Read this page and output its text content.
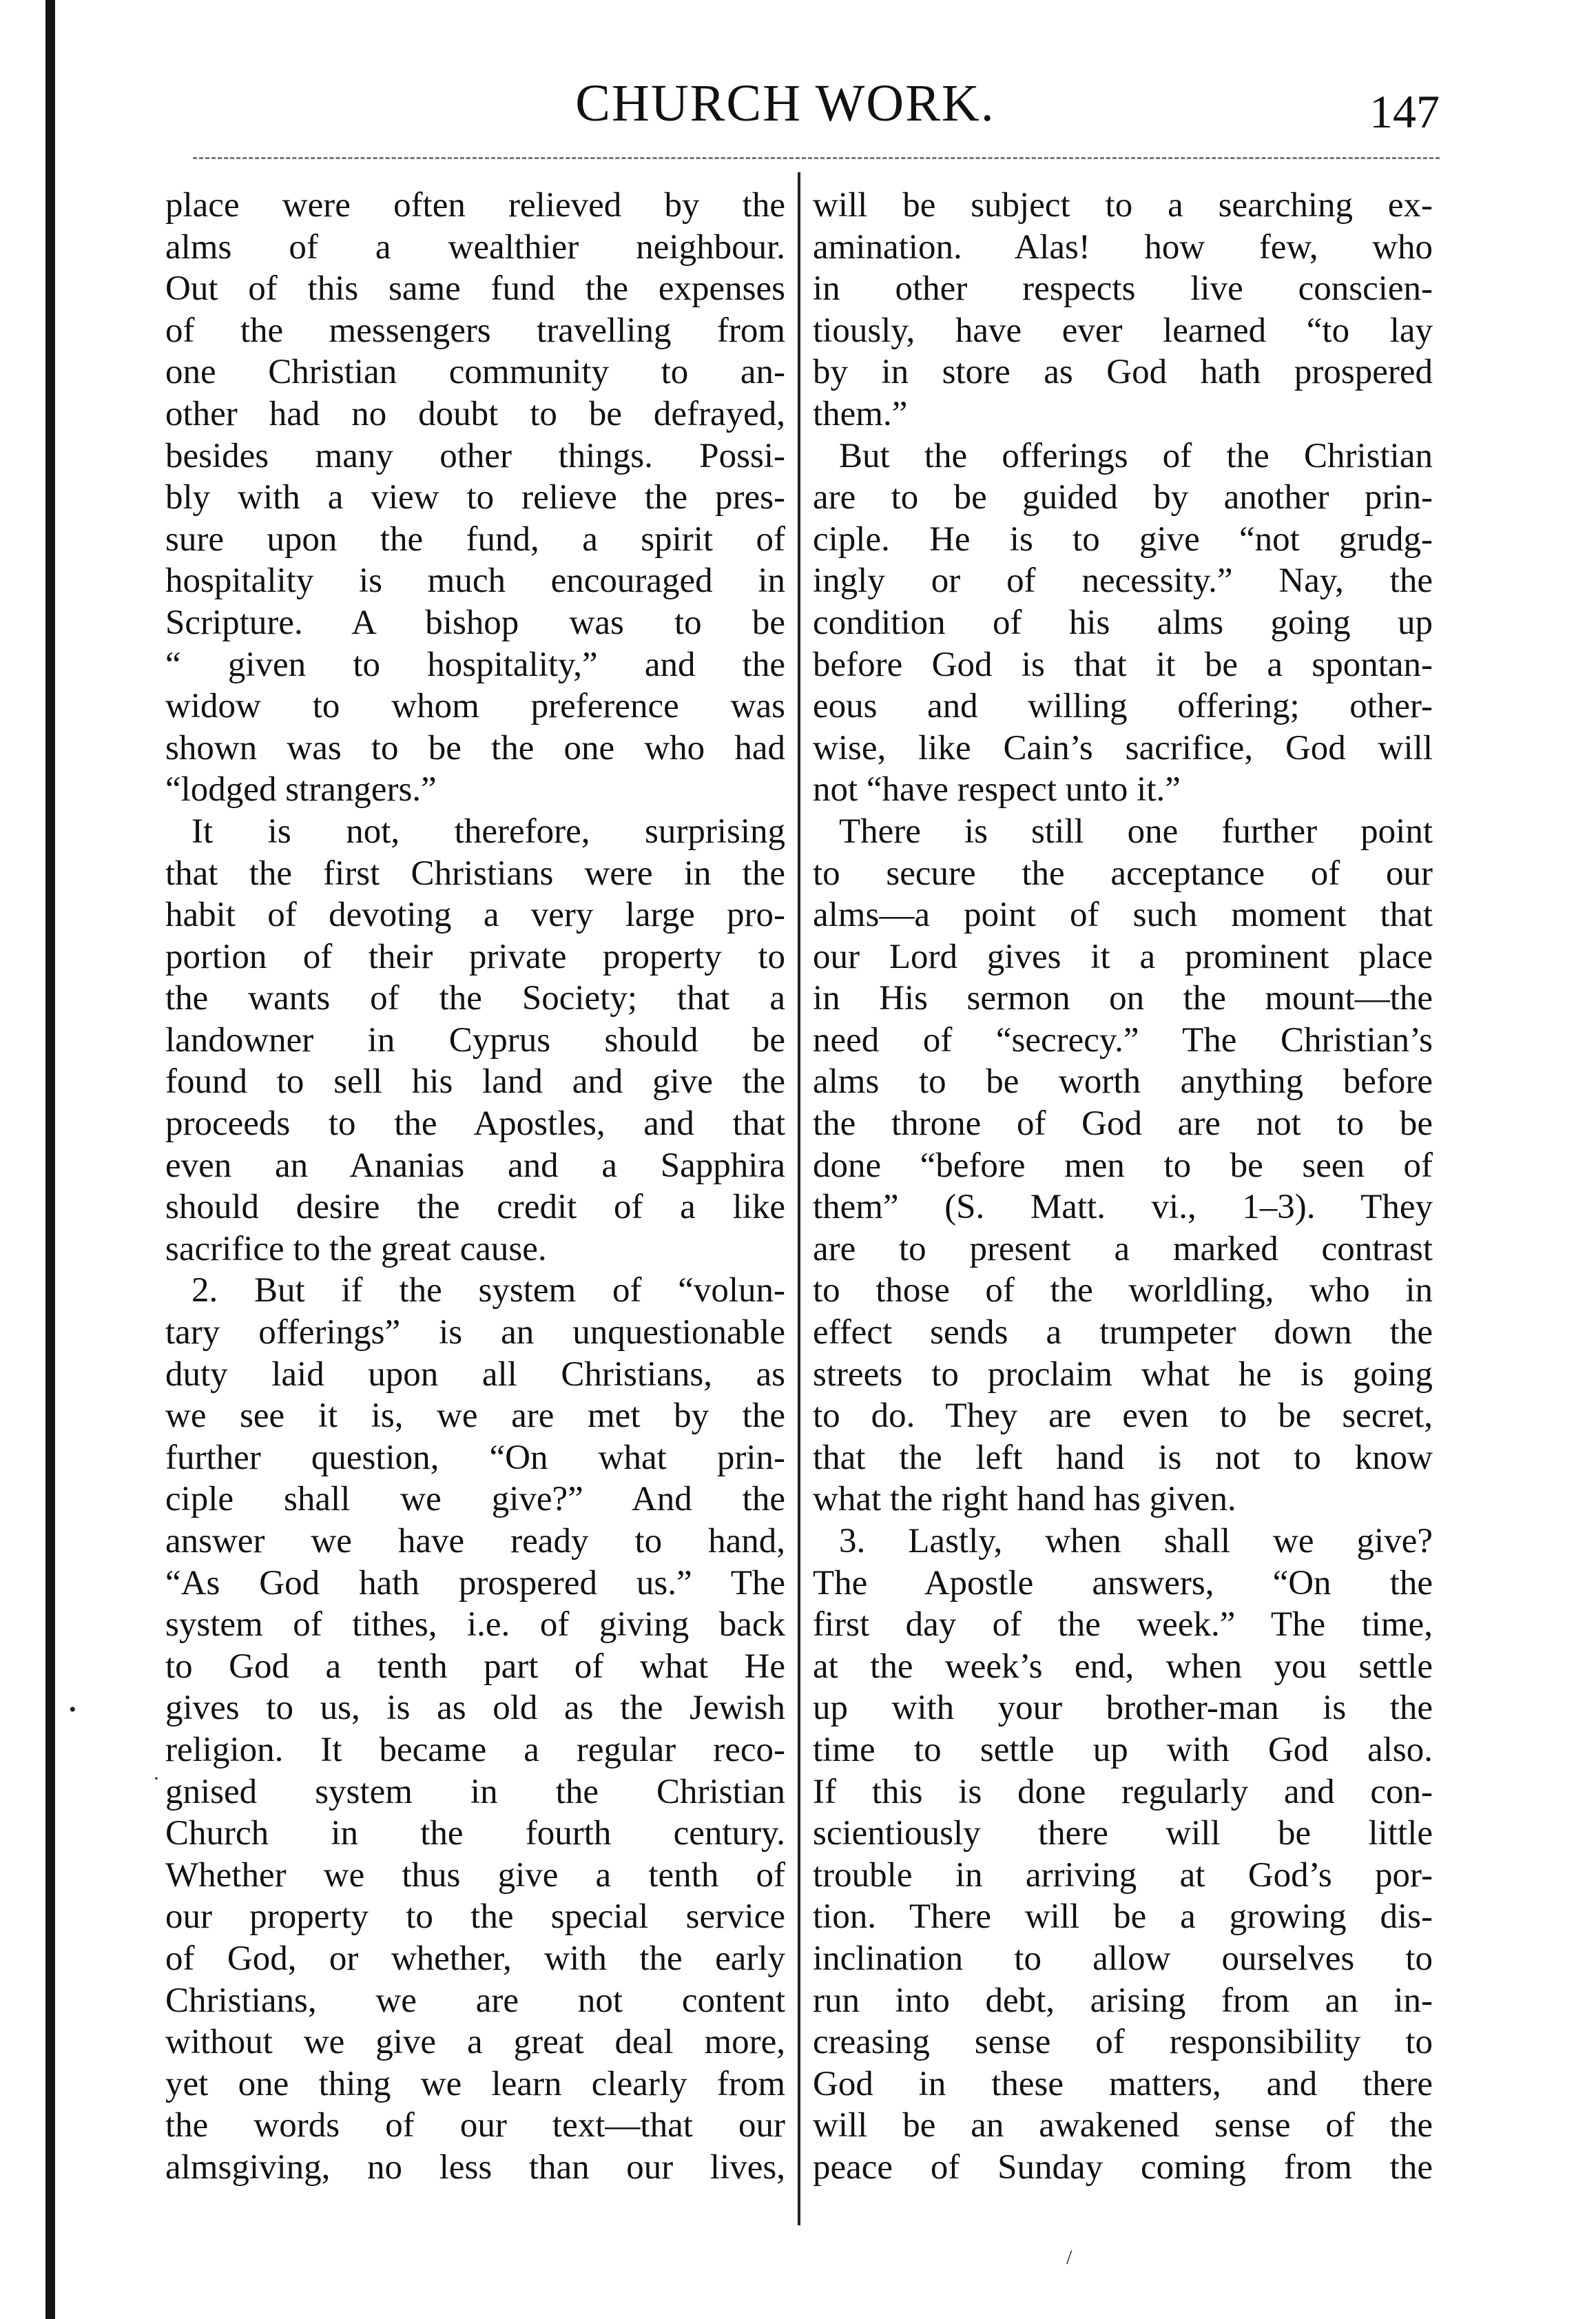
CHURCH WORK.	147
place were often relieved by the
alms of a wealthier neighbour.
Out of this same fund the expenses
of the messengers travelling from
one Christian community to an-
other had no doubt to be defrayed,
besides many other things. Possi-
bly with a view to relieve the pres-
sure upon the fund, a spirit of
hospitality is much encouraged in
Scripture. A bishop was to be
“ given to hospitality,” and the
widow to whom preference was
shown was to be the one who had
“lodged strangers.”
It is not, therefore, surprising
that the first Christians were in the
habit of devoting a very large pro-
portion of their private property to
the wants of the Society; that a
landowner in Cyprus should be
found to sell his land and give the
proceeds to the Apostles, and that
even an Ananias and a Sapphira
should desire the credit of a like
sacrifice to the great cause.
2. But if the system of “volun-
tary offerings” is an unquestionable
duty laid upon all Christians, as
we see it is, we are met by the
further question, “On what prin-
ciple shall we give?” And the
answer we have ready to hand,
“As God hath prospered us.” The
system of tithes, i.e. of giving back
to God a tenth part of what He
gives to us, is as old as the Jewish
religion. It became a regular reco-
gnised system in the Christian
Church in the fourth century.
Whether we thus give a tenth of
our property to the special service
of God, or whether, with the early
Christians, we are not content
without we give a great deal more,
yet one thing we learn clearly from
the words of our text—that our
almsgiving, no less than our lives,
will be subject to a searching ex-
amination. Alas! how few, who
in other respects live conscien-
tiously, have ever learned “to lay
by in store as God hath prospered
them.”
But the offerings of the Christian
are to be guided by another prin-
ciple. He is to give “not grudg-
ingly or of necessity.” Nay, the
condition of his alms going up
before God is that it be a spontan-
eous and willing offering; other-
wise, like Cain’s sacrifice, God will
not “have respect unto it.”
There is still one further point
to secure the acceptance of our
alms—a point of such moment that
our Lord gives it a prominent place
in His sermon on the mount—the
need of “secrecy.” The Christian’s
alms to be worth anything before
the throne of God are not to be
done “before men to be seen of
them” (S. Matt. vi., 1–3). They
are to present a marked contrast
to those of the worldling, who in
effect sends a trumpeter down the
streets to proclaim what he is going
to do. They are even to be secret,
that the left hand is not to know
what the right hand has given.
3. Lastly, when shall we give?
The Apostle answers, “On the
first day of the week.” The time,
at the week’s end, when you settle
up with your brother-man is the
time to settle up with God also.
If this is done regularly and con-
scientiously there will be little
trouble in arriving at God’s por-
tion. There will be a growing dis-
inclination to allow ourselves to
run into debt, arising from an in-
creasing sense of responsibility to
God in these matters, and there
will be an awakened sense of the
peace of Sunday coming from the
•
·
/
